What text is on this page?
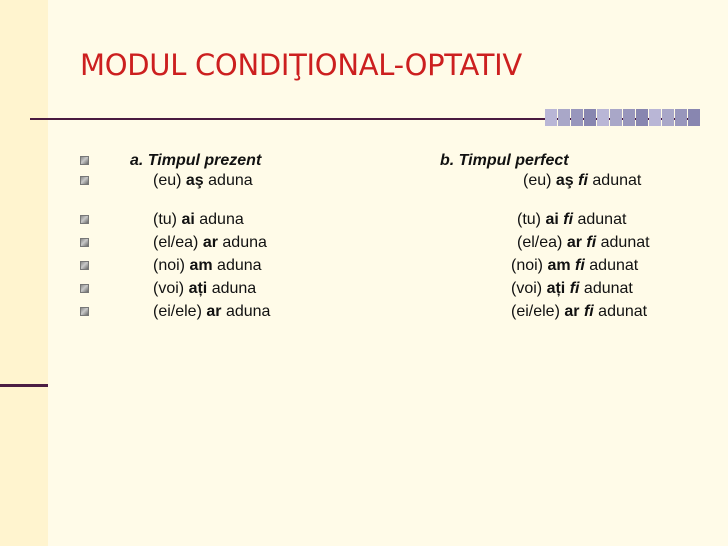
MODUL CONDIŢIONAL-OPTATIV
a. Timpul prezent	b. Timpul perfect
(eu) aş aduna	(eu) aş fi adunat
(tu) ai aduna	(tu) ai fi adunat
(el/ea) ar aduna	(el/ea) ar fi adunat
(noi) am aduna	(noi) am fi adunat
(voi) ați aduna	(voi) ați fi adunat
(ei/ele) ar aduna	(ei/ele) ar fi adunat
